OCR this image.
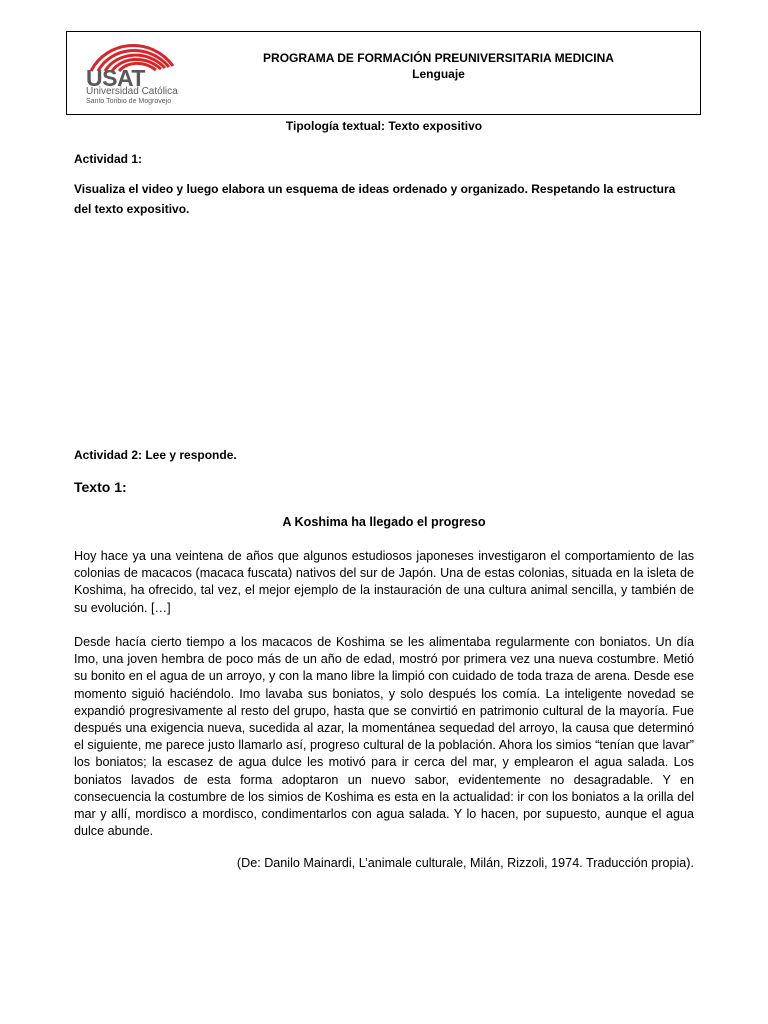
USAT
Universidad Católica
Santo Toribio de Mogrovejo
PROGRAMA DE FORMACIÓN PREUNIVERSITARIA MEDICINA
Lenguaje
Tipología textual: Texto expositivo
Actividad 1:
Visualiza el video y luego elabora un esquema de ideas ordenado y organizado. Respetando la estructura del texto expositivo.
Actividad 2: Lee y responde.
Texto 1:
A Koshima ha llegado el progreso

Hoy hace ya una veintena de años que algunos estudiosos japoneses investigaron el comportamiento de las colonias de macacos (macaca fuscata) nativos del sur de Japón. Una de estas colonias, situada en la isleta de Koshima, ha ofrecido, tal vez, el mejor ejemplo de la instauración de una cultura animal sencilla, y también de su evolución. […]

Desde hacía cierto tiempo a los macacos de Koshima se les alimentaba regularmente con boniatos. Un día Imo, una joven hembra de poco más de un año de edad, mostró por primera vez una nueva costumbre. Metió su bonito en el agua de un arroyo, y con la mano libre la limpió con cuidado de toda traza de arena. Desde ese momento siguió haciéndolo. Imo lavaba sus boniatos, y solo después los comía. La inteligente novedad se expandió progresivamente al resto del grupo, hasta que se convirtió en patrimonio cultural de la mayoría. Fue después una exigencia nueva, sucedida al azar, la momentánea sequedad del arroyo, la causa que determinó el siguiente, me parece justo llamarlo así, progreso cultural de la población. Ahora los simios “tenían que lavar” los boniatos; la escasez de agua dulce les motivó para ir cerca del mar, y emplearon el agua salada. Los boniatos lavados de esta forma adoptaron un nuevo sabor, evidentemente no desagradable. Y en consecuencia la costumbre de los simios de Koshima es esta en la actualidad: ir con los boniatos a la orilla del mar y allí, mordisco a mordisco, condimentarlos con agua salada. Y lo hacen, por supuesto, aunque el agua dulce abunde.

(De: Danilo Mainardi, L’animale culturale, Milán, Rizzoli, 1974. Traducción propia).
